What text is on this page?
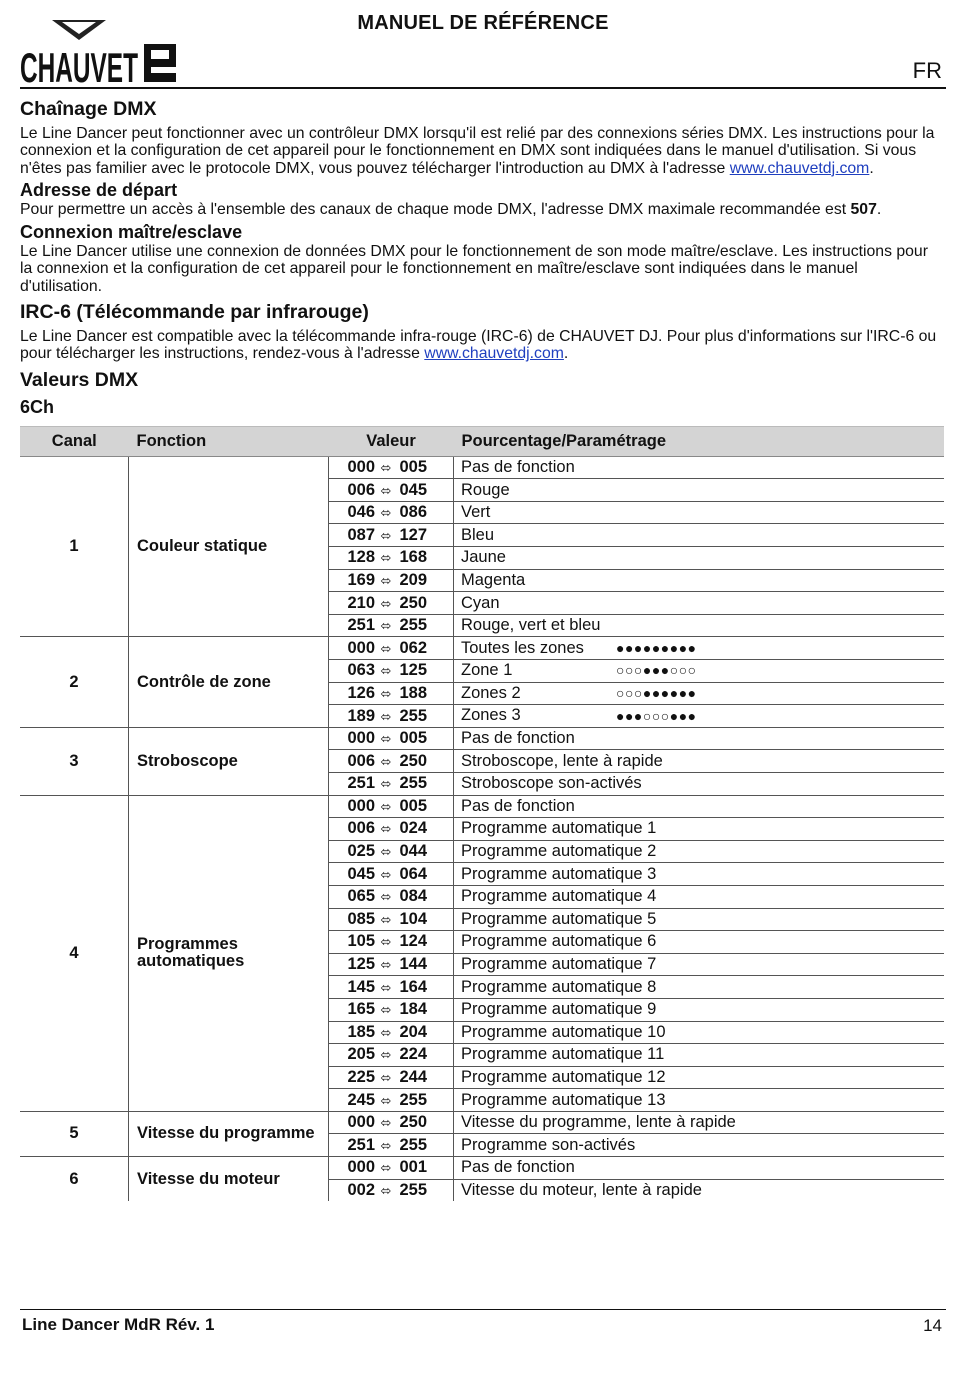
CHAUVET
MANUEL DE RÉFÉRENCE
FR
Chaînage DMX

Le Line Dancer peut fonctionner avec un contrôleur DMX lorsqu'il est relié par des connexions séries DMX. Les instructions pour la connexion et la configuration de cet appareil pour le fonctionnement en DMX sont indiquées dans le manuel d'utilisation. Si vous n'êtes pas familier avec le protocole DMX, vous pouvez télécharger l'introduction au DMX à l'adresse www.chauvetdj.com.

Adresse de départ

Pour permettre un accès à l'ensemble des canaux de chaque mode DMX, l'adresse DMX maximale recommandée est 507.

Connexion maître/esclave

Le Line Dancer utilise une connexion de données DMX pour le fonctionnement de son mode maître/esclave. Les instructions pour la connexion et la configuration de cet appareil pour le fonctionnement en maître/esclave sont indiquées dans le manuel d'utilisation.

IRC-6 (Télécommande par infrarouge)

Le Line Dancer est compatible avec la télécommande infra-rouge (IRC-6) de CHAUVET DJ. Pour plus d'informations sur l'IRC-6 ou pour télécharger les instructions, rendez-vous à l'adresse www.chauvetdj.com.

Valeurs DMX
6Ch
Canal	Fonction	Valeur	Pourcentage/Paramétrage
1	Couleur statique	000 ⬄ 005	Pas de fonction
		006 ⬄ 045	Rouge
		046 ⬄ 086	Vert
		087 ⬄ 127	Bleu
		128 ⬄ 168	Jaune
		169 ⬄ 209	Magenta
		210 ⬄ 250	Cyan
		251 ⬄ 255	Rouge, vert et bleu
2	Contrôle de zone	000 ⬄ 062	Toutes les zones ●●●●●●●●●
		063 ⬄ 125	Zone 1 ○○○●●●○○○
		126 ⬄ 188	Zones 2 ○○○●●●●●●
		189 ⬄ 255	Zones 3 ●●●○○○●●●
3	Stroboscope	000 ⬄ 005	Pas de fonction
		006 ⬄ 250	Stroboscope, lente à rapide
		251 ⬄ 255	Stroboscope son-activés
4	Programmes automatiques	000 ⬄ 005	Pas de fonction
		006 ⬄ 024	Programme automatique 1
		025 ⬄ 044	Programme automatique 2
		045 ⬄ 064	Programme automatique 3
		065 ⬄ 084	Programme automatique 4
		085 ⬄ 104	Programme automatique 5
		105 ⬄ 124	Programme automatique 6
		125 ⬄ 144	Programme automatique 7
		145 ⬄ 164	Programme automatique 8
		165 ⬄ 184	Programme automatique 9
		185 ⬄ 204	Programme automatique 10
		205 ⬄ 224	Programme automatique 11
		225 ⬄ 244	Programme automatique 12
		245 ⬄ 255	Programme automatique 13
5	Vitesse du programme	000 ⬄ 250	Vitesse du programme, lente à rapide
		251 ⬄ 255	Programme son-activés
6	Vitesse du moteur	000 ⬄ 001	Pas de fonction
		002 ⬄ 255	Vitesse du moteur, lente à rapide
Line Dancer MdR Rév. 1	14
